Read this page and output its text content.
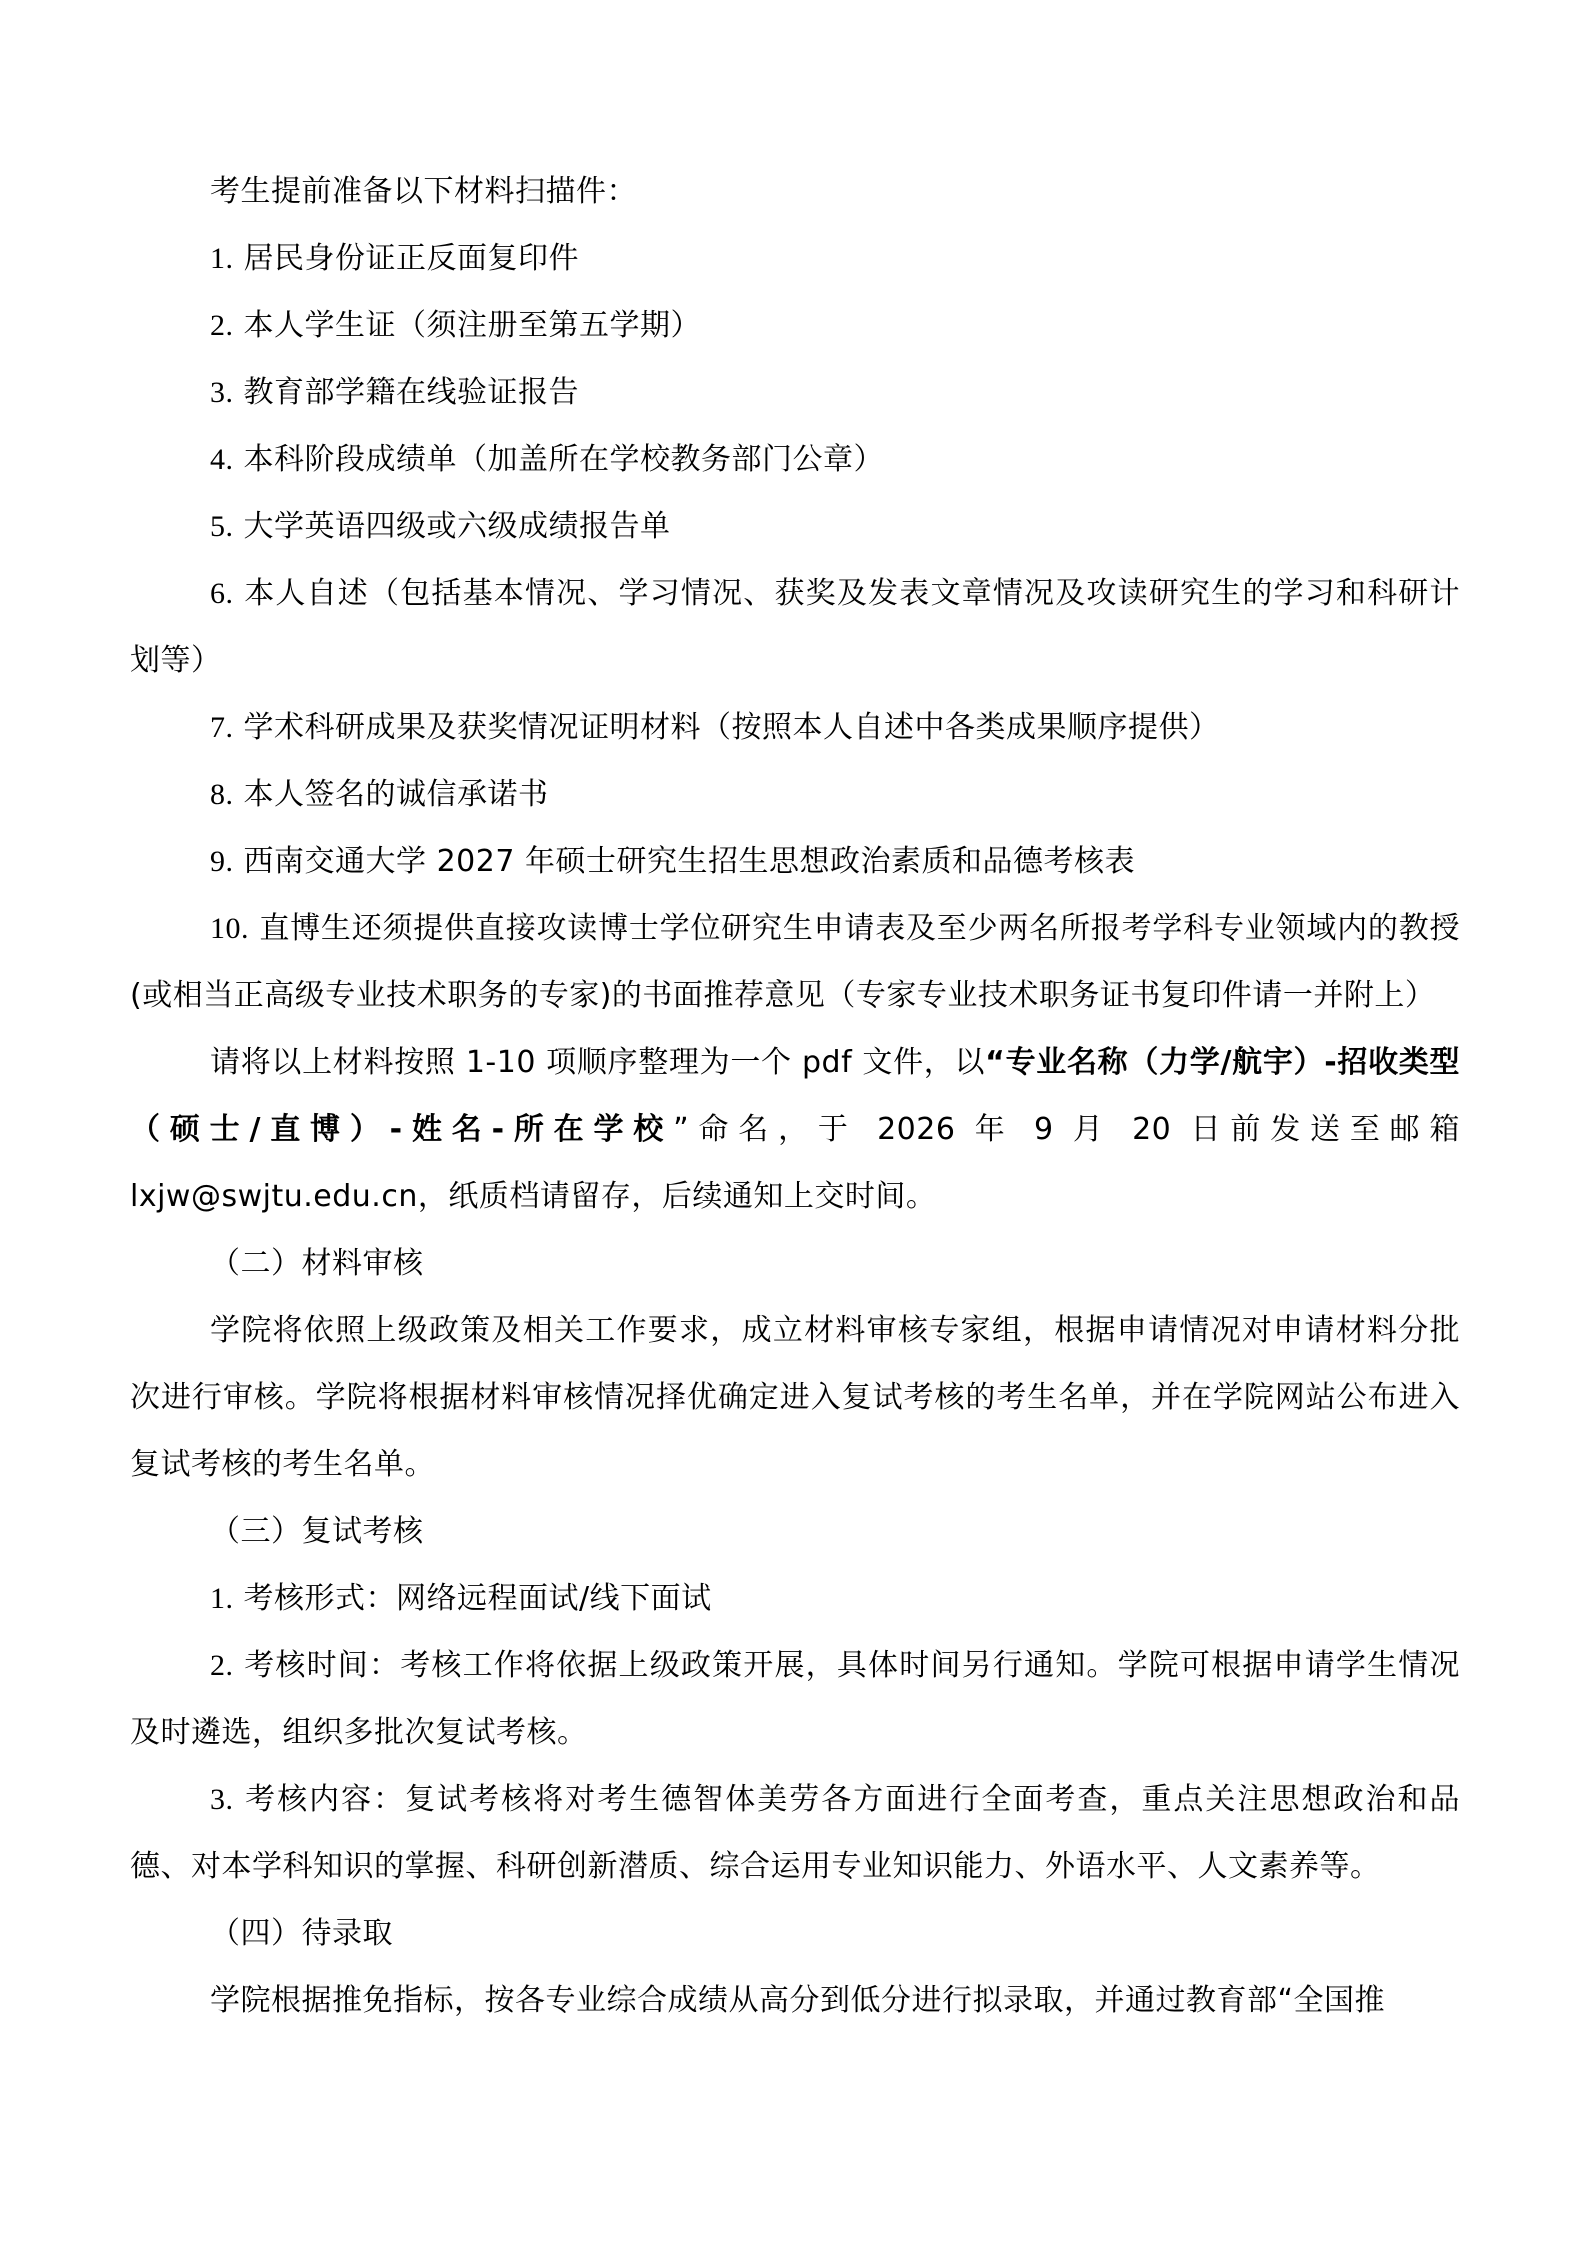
考生提前准备以下材料扫描件：

1. 居民身份证正反面复印件

2. 本人学生证（须注册至第五学期）

3. 教育部学籍在线验证报告

4. 本科阶段成绩单（加盖所在学校教务部门公章）

5. 大学英语四级或六级成绩报告单

6. 本人自述（包括基本情况、学习情况、获奖及发表文章情况及攻读研究生的学习和科研计划等）

7. 学术科研成果及获奖情况证明材料（按照本人自述中各类成果顺序提供）

8. 本人签名的诚信承诺书

9. 西南交通大学 2027 年硕士研究生招生思想政治素质和品德考核表

10. 直博生还须提供直接攻读博士学位研究生申请表及至少两名所报考学科专业领域内的教授(或相当正高级专业技术职务的专家)的书面推荐意见（专家专业技术职务证书复印件请一并附上）

请将以上材料按照 1-10 项顺序整理为一个 pdf 文件，以“专业名称（力学/航宇）-招收类型（硕士/直博）-姓名-所在学校”命名，于 2026 年 9 月 20 日前发送至邮箱 lxjw@swjtu.edu.cn，纸质档请留存，后续通知上交时间。

（二）材料审核

学院将依照上级政策及相关工作要求，成立材料审核专家组，根据申请情况对申请材料分批次进行审核。学院将根据材料审核情况择优确定进入复试考核的考生名单，并在学院网站公布进入复试考核的考生名单。

（三）复试考核

1. 考核形式：网络远程面试/线下面试

2. 考核时间：考核工作将依据上级政策开展，具体时间另行通知。学院可根据申请学生情况及时遴选，组织多批次复试考核。

3. 考核内容：复试考核将对考生德智体美劳各方面进行全面考查，重点关注思想政治和品德、对本学科知识的掌握、科研创新潜质、综合运用专业知识能力、外语水平、人文素养等。

（四）待录取

学院根据推免指标，按各专业综合成绩从高分到低分进行拟录取，并通过教育部“全国推
